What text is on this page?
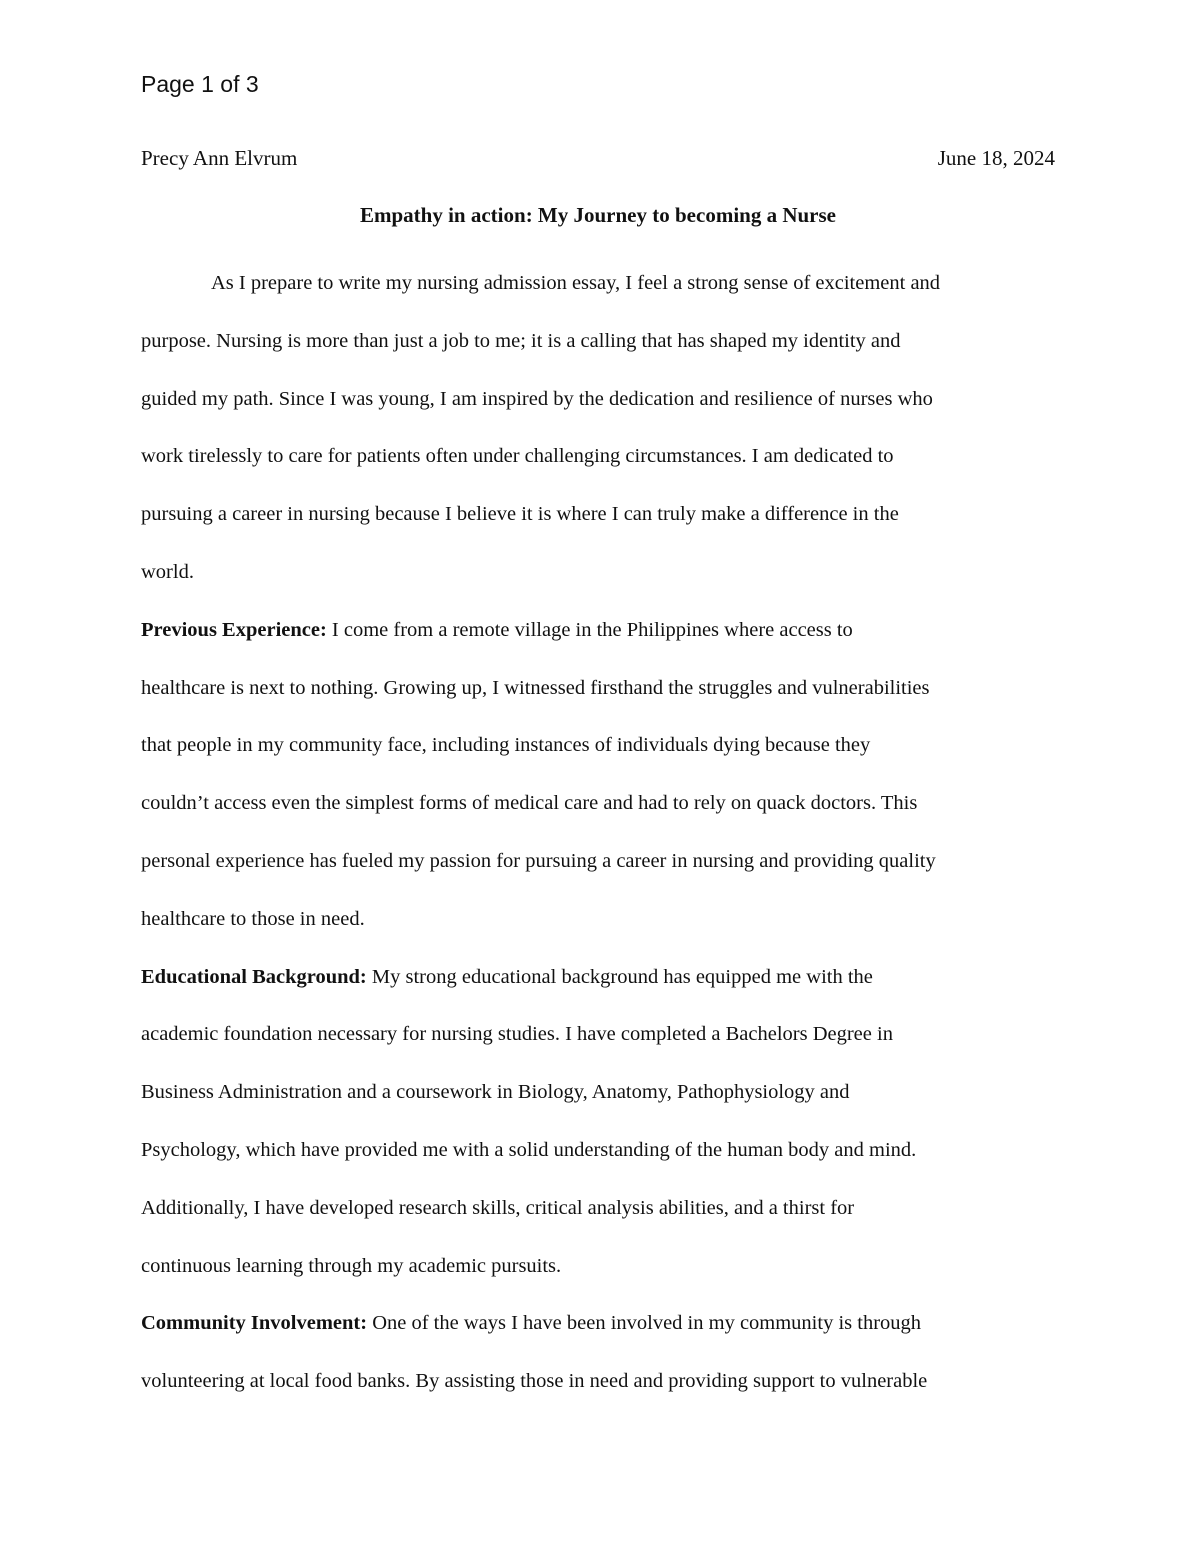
Page 1 of 3
Precy Ann Elvrum	June 18, 2024
Empathy in action: My Journey to becoming a Nurse

As I prepare to write my nursing admission essay, I feel a strong sense of excitement and
purpose. Nursing is more than just a job to me; it is a calling that has shaped my identity and
guided my path. Since I was young, I am inspired by the dedication and resilience of nurses who
work tirelessly to care for patients often under challenging circumstances. I am dedicated to
pursuing a career in nursing because I believe it is where I can truly make a difference in the
world.

Previous Experience: I come from a remote village in the Philippines where access to
healthcare is next to nothing. Growing up, I witnessed firsthand the struggles and vulnerabilities
that people in my community face, including instances of individuals dying because they
couldn’t access even the simplest forms of medical care and had to rely on quack doctors. This
personal experience has fueled my passion for pursuing a career in nursing and providing quality
healthcare to those in need.

Educational Background: My strong educational background has equipped me with the
academic foundation necessary for nursing studies. I have completed a Bachelors Degree in
Business Administration and a coursework in Biology, Anatomy, Pathophysiology and
Psychology, which have provided me with a solid understanding of the human body and mind.
Additionally, I have developed research skills, critical analysis abilities, and a thirst for
continuous learning through my academic pursuits.

Community Involvement: One of the ways I have been involved in my community is through
volunteering at local food banks. By assisting those in need and providing support to vulnerable
